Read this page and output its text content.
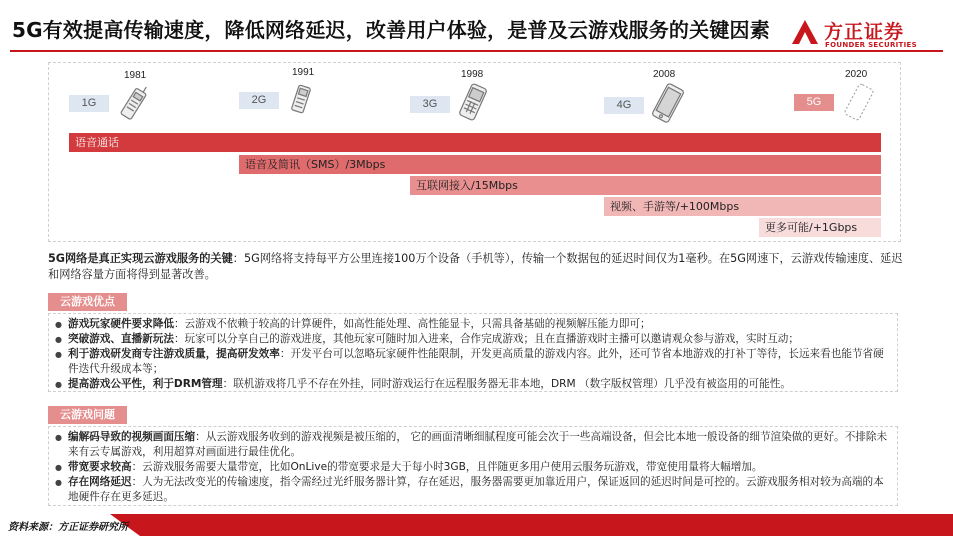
5G有效提高传输速度，降低网络延迟，改善用户体验，是普及云游戏服务的关键因素	方正证券
FOUNDER SECURITIES
1981
1G
1991
2G
1998
3G
2008
4G
2020
5G
语音通话
语音及简讯（SMS）/3Mbps
互联网接入/15Mbps
视频、手游等/+100Mbps
更多可能/+1Gbps
5G网络是真正实现云游戏服务的关键：5G网络将支持每平方公里连接100万个设备（手机等），传输一个数据包的延迟时间仅为1毫秒。在5G网速下，云游戏传输速度、延迟和网络容量方面将得到显著改善。
云游戏优点
● 游戏玩家硬件要求降低：云游戏不依赖于较高的计算硬件，如高性能处理、高性能显卡，只需具备基础的视频解压能力即可；
● 突破游戏、直播新玩法：玩家可以分享自己的游戏进度，其他玩家可随时加入进来，合作完成游戏；且在直播游戏时主播可以邀请观众参与游戏，实时互动；
● 利于游戏研发商专注游戏质量，提高研发效率：开发平台可以忽略玩家硬件性能限制，开发更高质量的游戏内容。此外，还可节省本地游戏的打补丁等待，长远来看也能节省硬件迭代升级成本等；
● 提高游戏公平性，利于DRM管理：联机游戏将几乎不存在外挂，同时游戏运行在远程服务器无非本地，DRM （数字版权管理）几乎没有被盗用的可能性。
云游戏问题
● 编解码导致的视频画面压缩：从云游戏服务收到的游戏视频是被压缩的， 它的画面清晰细腻程度可能会次于一些高端设备，但会比本地一般设备的细节渲染做的更好。不排除未来有云专属游戏，利用超算对画面进行最佳优化。
● 带宽要求较高：云游戏服务需要大量带宽，比如OnLive的带宽要求是大于每小时3GB，且伴随更多用户使用云服务玩游戏，带宽使用量将大幅增加。
● 存在网络延迟：人为无法改变光的传输速度，指令需经过光纤服务器计算，存在延迟，服务器需要更加靠近用户，保证返回的延迟时间是可控的。云游戏服务相对较为高端的本地硬件存在更多延迟。
资料来源：方正证券研究所
